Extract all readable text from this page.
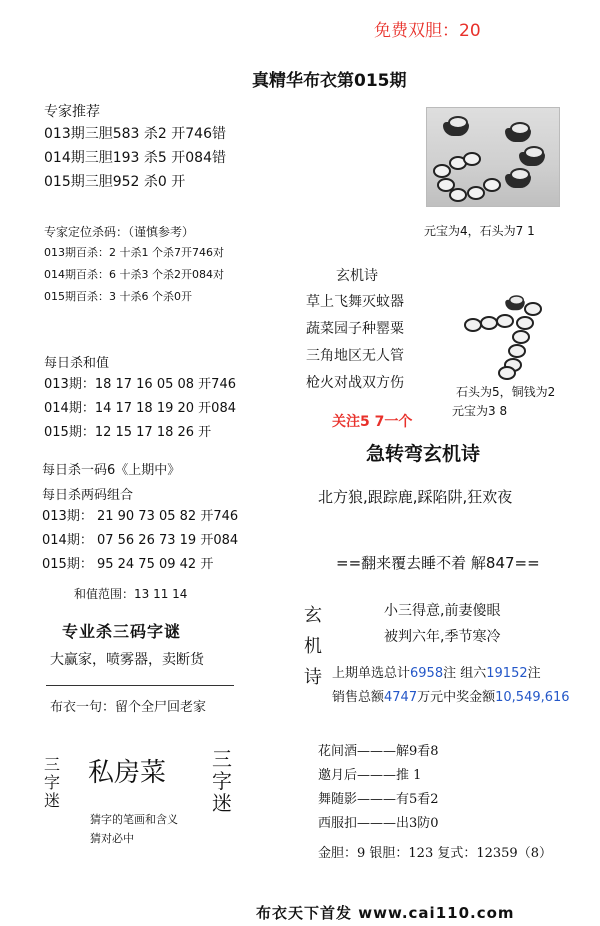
免费双胆：20
真精华布衣第015期
专家推荐
013期三胆583 杀2 开746错
014期三胆193 杀5 开084错
015期三胆952 杀0 开
专家定位杀码：（谨慎参考）
013期百杀：2 十杀1 个杀7开746对
014期百杀：6 十杀3 个杀2开084对
015期百杀：3 十杀6 个杀0开
每日杀和值
013期：18 17 16 05 08 开746
014期：14 17 18 19 20 开084
015期：12 15 17 18 26 开
每日杀一码6《上期中》
每日杀两码组合
013期： 21 90 73 05 82 开746
014期： 07 56 26 73 19 开084
015期： 95 24 75 09 42 开
和值范围：13 11 14
专业杀三码字谜
大赢家，喷雾器，卖断货
布衣一句：留个全尸回老家
三字迷
私房菜 三字迷
猜字的笔画和含义
猜对必中
元宝为4，石头为7 1
玄机诗
草上飞舞灭蚊器
蔬菜园子种罂粟
三角地区无人管
枪火对战双方伤
石头为5，铜钱为2
元宝为3 8
关注5 7一个
急转弯玄机诗
北方狼,跟踪鹿,踩陷阱,狂欢夜
==翻来覆去睡不着 解847==
玄
机
诗
小三得意,前妻傻眼
被判六年,季节寒冷
上期单选总计6958注 组六19152注
销售总额4747万元中奖金额10,549,616
花间酒———解9看8
邀月后———推 1
舞随影———有5看2
西服扣———出3防0
金胆：9 银胆：123 复式：12359（8）
布衣天下首发 www.cai110.com
